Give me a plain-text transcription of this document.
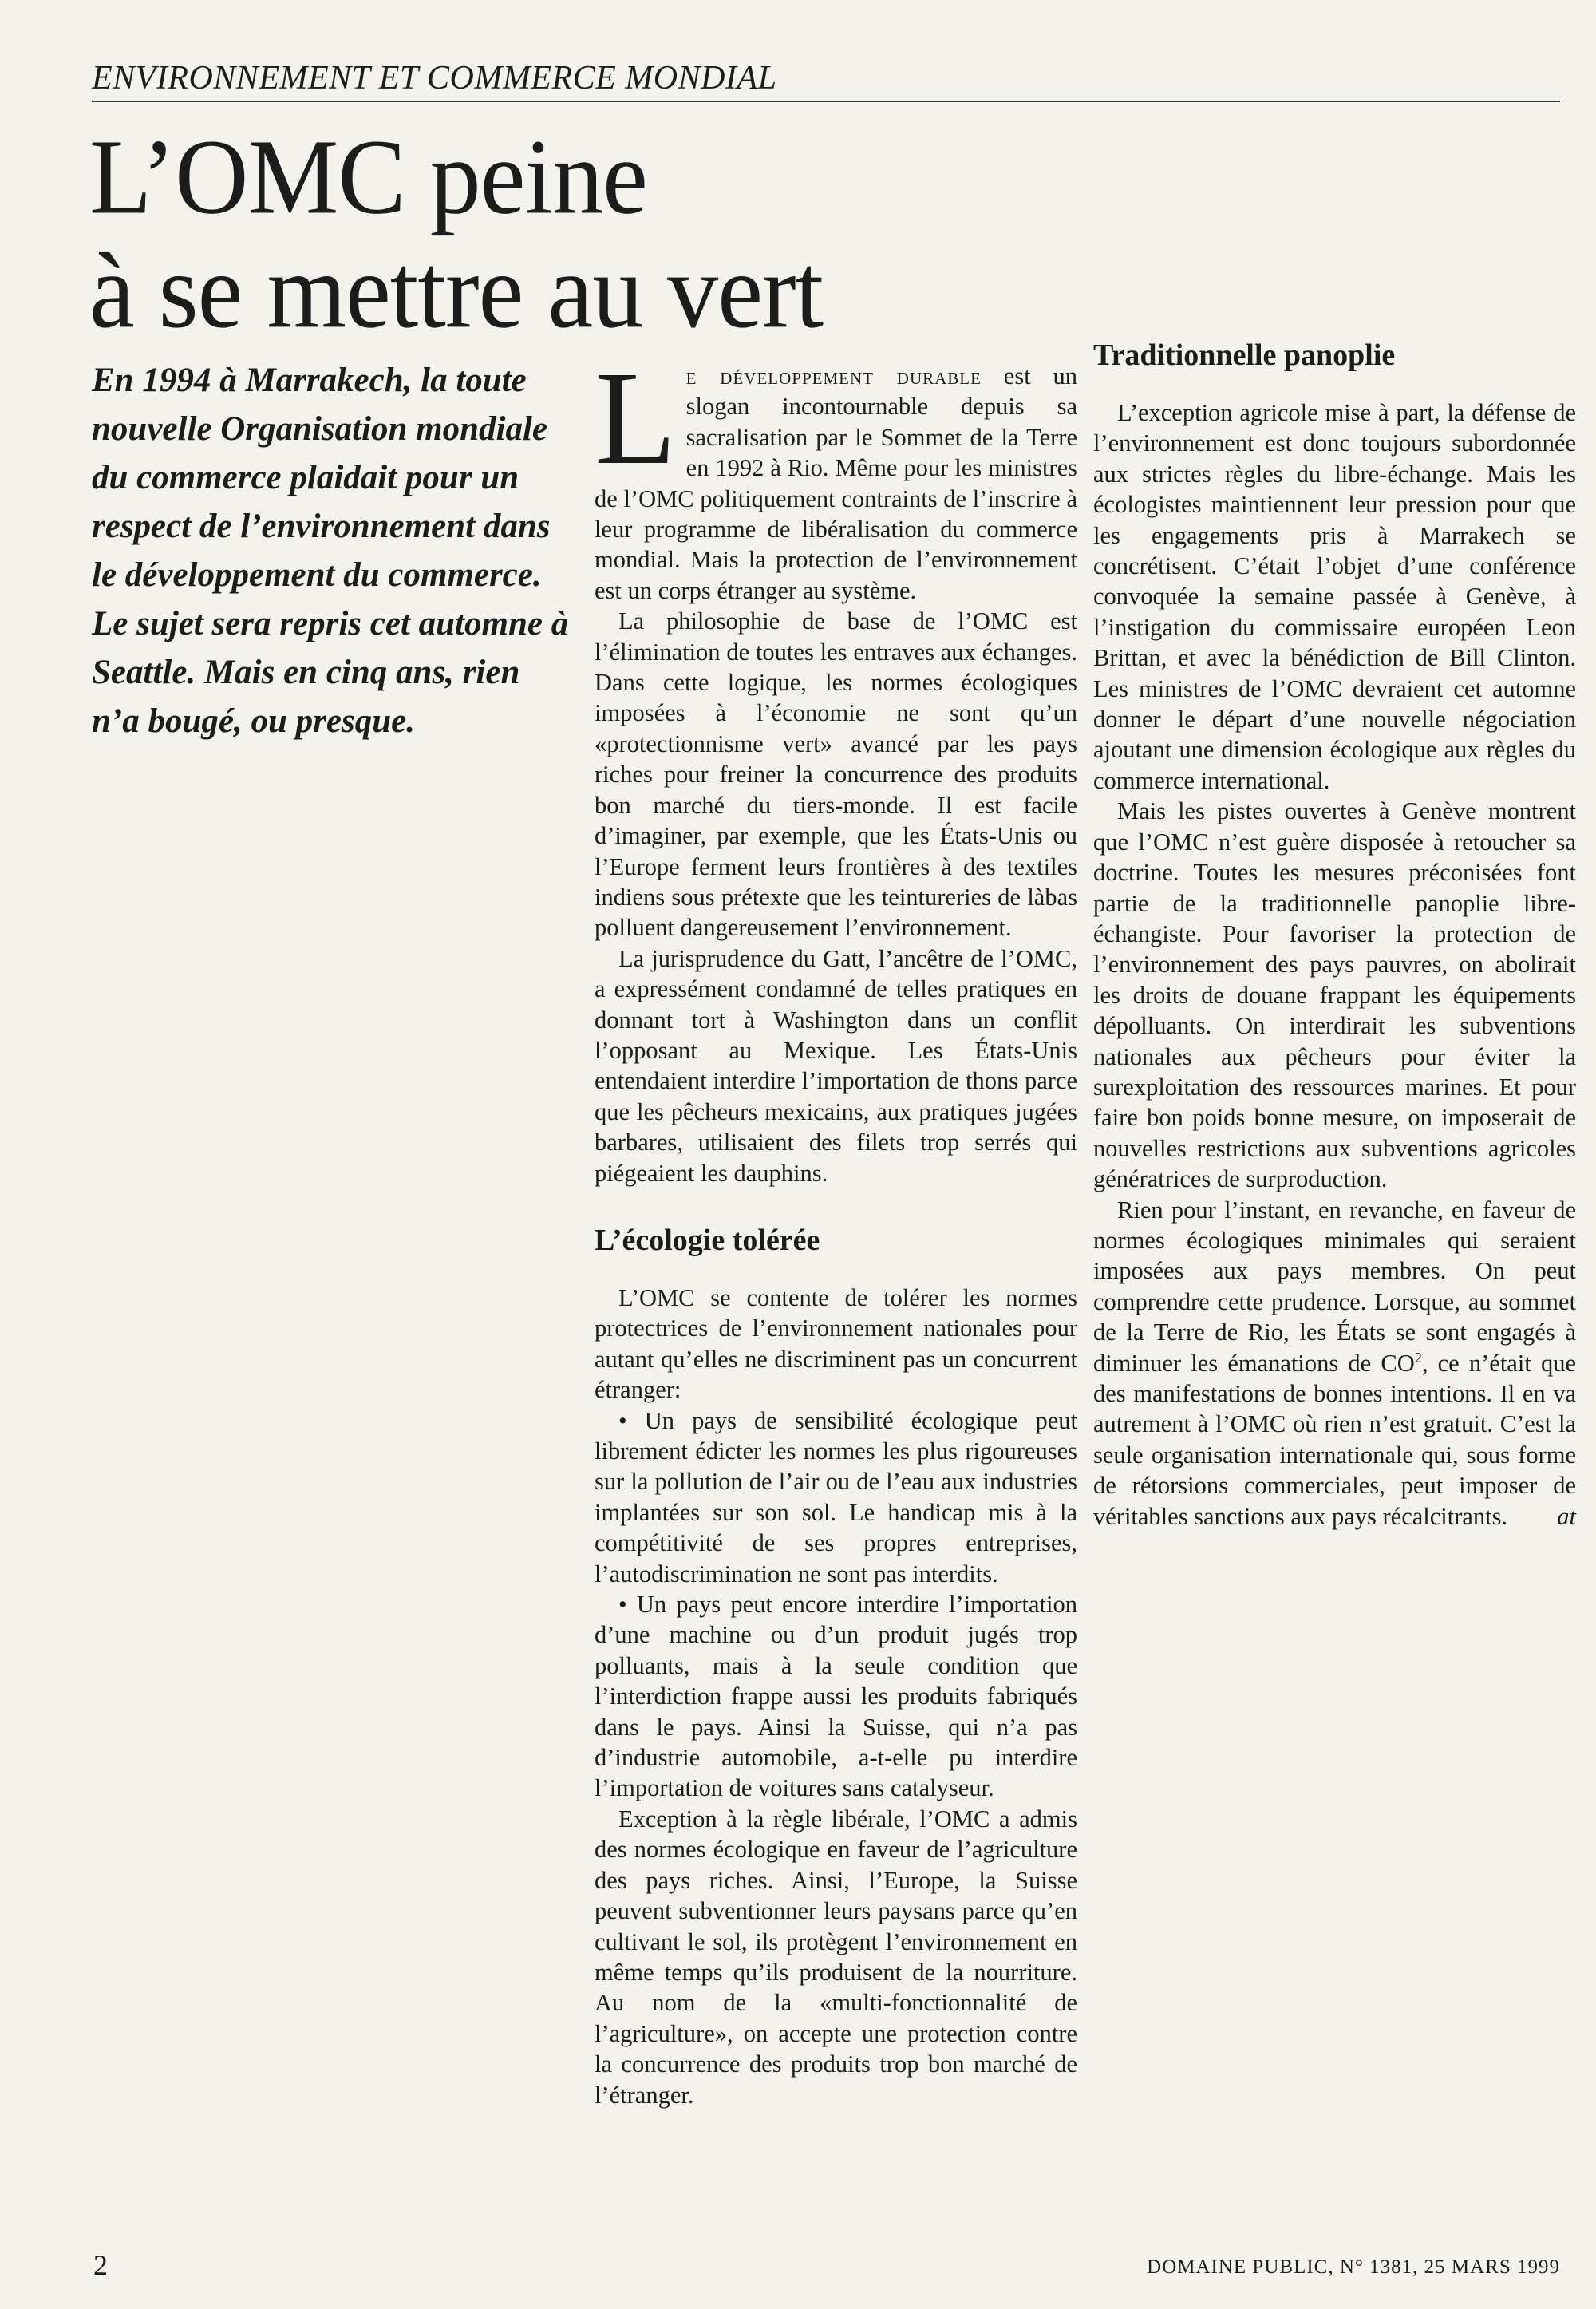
ENVIRONNEMENT ET COMMERCE MONDIAL
L’OMC peine
à se mettre au vert

En 1994 à Marrakech, la toute nouvelle Organisation mondiale du commerce plaidait pour un respect de l’environnement dans le développement du commerce. Le sujet sera repris cet automne à Seattle. Mais en cinq ans, rien n’a bougé, ou presque.

Le développement durable est un slogan incontournable depuis sa sacralisation par le Sommet de la Terre en 1992 à Rio. Même pour les ministres de l’OMC politiquement contraints de l’inscrire à leur programme de libéralisation du commerce mondial. Mais la protection de l’environnement est un corps étranger au système.

La philosophie de base de l’OMC est l’élimination de toutes les entraves aux échanges. Dans cette logique, les normes écologiques imposées à l’économie ne sont qu’un «protectionnisme vert» avancé par les pays riches pour freiner la concurrence des produits bon marché du tiers-monde. Il est facile d’imaginer, par exemple, que les États-Unis ou l’Europe ferment leurs frontières à des textiles indiens sous prétexte que les teintureries de làbas polluent dangereusement l’environnement.

La jurisprudence du Gatt, l’ancêtre de l’OMC, a expressément condamné de telles pratiques en donnant tort à Washington dans un conflit l’opposant au Mexique. Les États-Unis entendaient interdire l’importation de thons parce que les pêcheurs mexicains, aux pratiques jugées barbares, utilisaient des filets trop serrés qui piégeaient les dauphins.

L’écologie tolérée

L’OMC se contente de tolérer les normes protectrices de l’environnement nationales pour autant qu’elles ne discriminent pas un concurrent étranger:

• Un pays de sensibilité écologique peut librement édicter les normes les plus rigoureuses sur la pollution de l’air ou de l’eau aux industries implantées sur son sol. Le handicap mis à la compétitivité de ses propres entreprises, l’autodiscrimination ne sont pas interdits.

• Un pays peut encore interdire l’importation d’une machine ou d’un produit jugés trop polluants, mais à la seule condition que l’interdiction frappe aussi les produits fabriqués dans le pays. Ainsi la Suisse, qui n’a pas d’industrie automobile, a-t-elle pu interdire l’importation de voitures sans catalyseur.

Exception à la règle libérale, l’OMC a admis des normes écologique en faveur de l’agriculture des pays riches. Ainsi, l’Europe, la Suisse peuvent subventionner leurs paysans parce qu’en cultivant le sol, ils protègent l’environnement en même temps qu’ils produisent de la nourriture. Au nom de la «multi-fonctionnalité de l’agriculture», on accepte une protection contre la concurrence des produits trop bon marché de l’étranger.

Traditionnelle panoplie

L’exception agricole mise à part, la défense de l’environnement est donc toujours subordonnée aux strictes règles du libre-échange. Mais les écologistes maintiennent leur pression pour que les engagements pris à Marrakech se concrétisent. C’était l’objet d’une conférence convoquée la semaine passée à Genève, à l’instigation du commissaire européen Leon Brittan, et avec la bénédiction de Bill Clinton. Les ministres de l’OMC devraient cet automne donner le départ d’une nouvelle négociation ajoutant une dimension écologique aux règles du commerce international.

Mais les pistes ouvertes à Genève montrent que l’OMC n’est guère disposée à retoucher sa doctrine. Toutes les mesures préconisées font partie de la traditionnelle panoplie libre-échangiste. Pour favoriser la protection de l’environnement des pays pauvres, on abolirait les droits de douane frappant les équipements dépolluants. On interdirait les subventions nationales aux pêcheurs pour éviter la surexploitation des ressources marines. Et pour faire bon poids bonne mesure, on imposerait de nouvelles restrictions aux subventions agricoles génératrices de surproduction.

Rien pour l’instant, en revanche, en faveur de normes écologiques minimales qui seraient imposées aux pays membres. On peut comprendre cette prudence. Lorsque, au sommet de la Terre de Rio, les États se sont engagés à diminuer les émanations de $CO^2$, ce n’était que des manifestations de bonnes intentions. Il en va autrement à l’OMC où rien n’est gratuit. C’est la seule organisation internationale qui, sous forme de rétorsions commerciales, peut imposer de véritables sanctions aux pays récalcitrants.	at

2	DOMAINE PUBLIC, N° 1381, 25 MARS 1999
